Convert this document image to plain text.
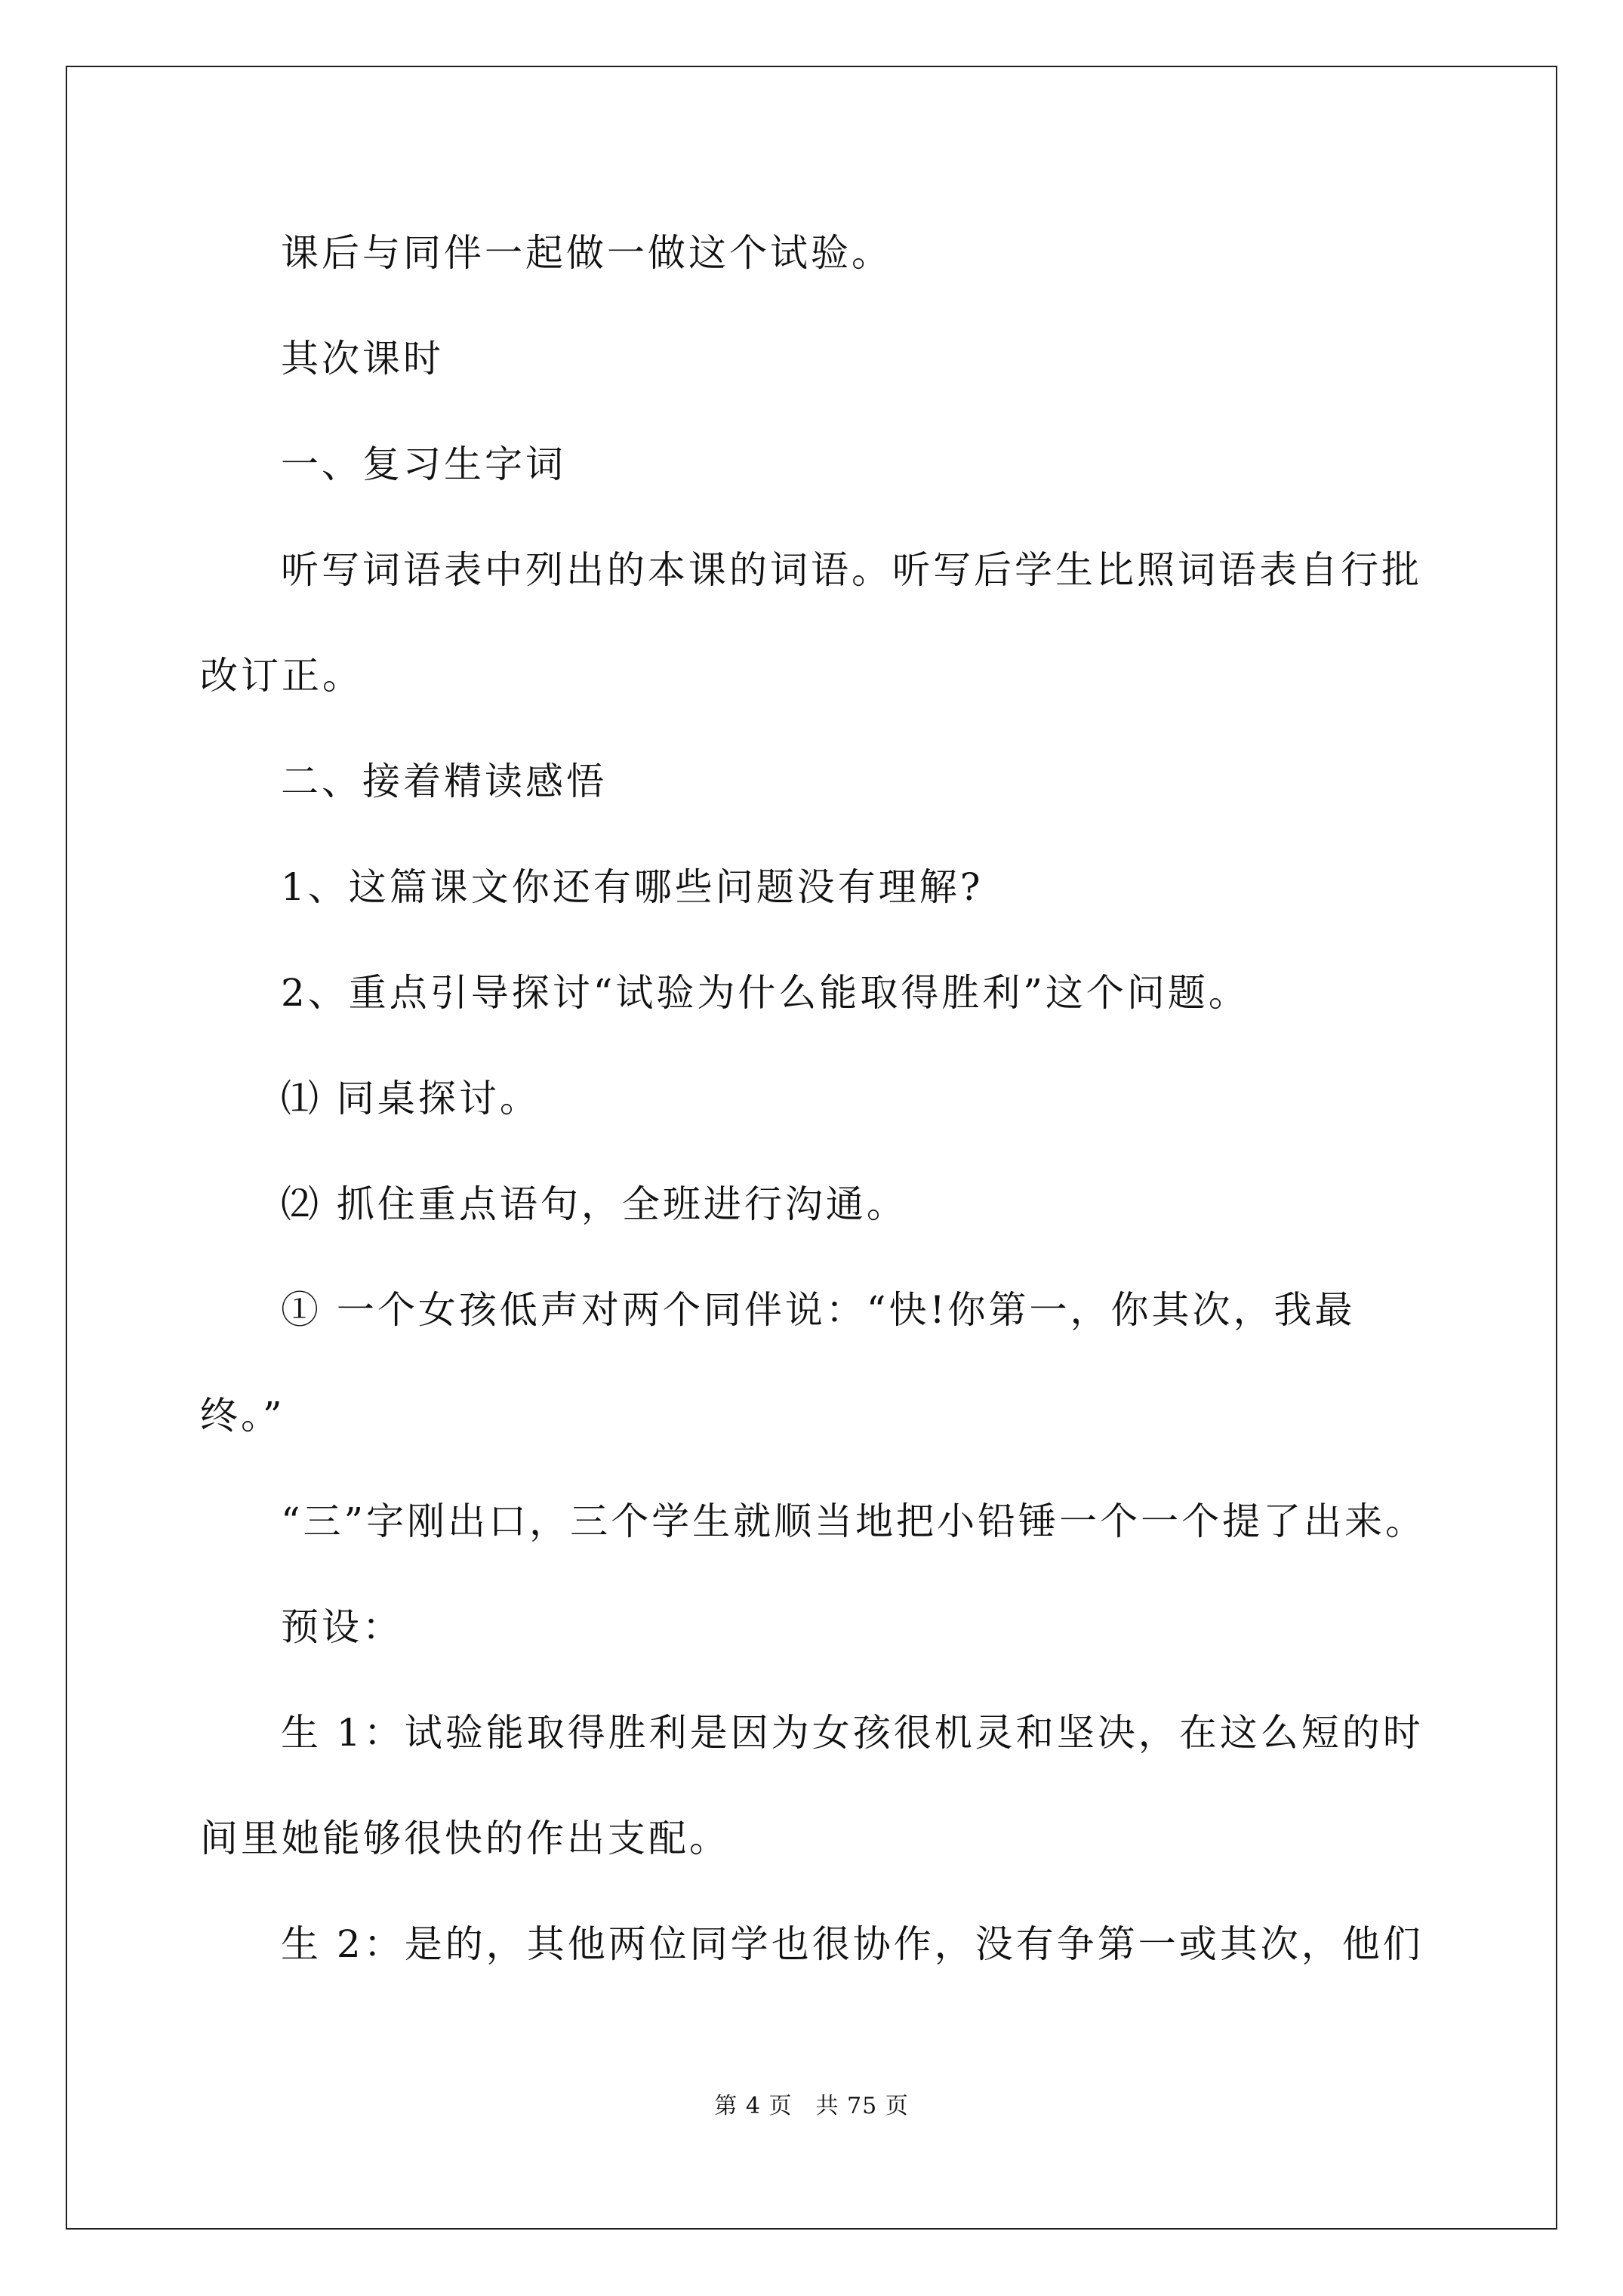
课后与同伴一起做一做这个试验。
其次课时
一、复习生字词
听写词语表中列出的本课的词语。听写后学生比照词语表自行批
改订正。
二、接着精读感悟
1、这篇课文你还有哪些问题没有理解?
2、重点引导探讨“试验为什么能取得胜利”这个问题。
⑴ 同桌探讨。
⑵ 抓住重点语句，全班进行沟通。
① 一个女孩低声对两个同伴说：“快!你第一，你其次，我最
终。”
“三”字刚出口，三个学生就顺当地把小铅锤一个一个提了出来。
预设：
生 1：试验能取得胜利是因为女孩很机灵和坚决，在这么短的时
间里她能够很快的作出支配。
生 2：是的，其他两位同学也很协作，没有争第一或其次，他们
第 4 页　共 75 页
